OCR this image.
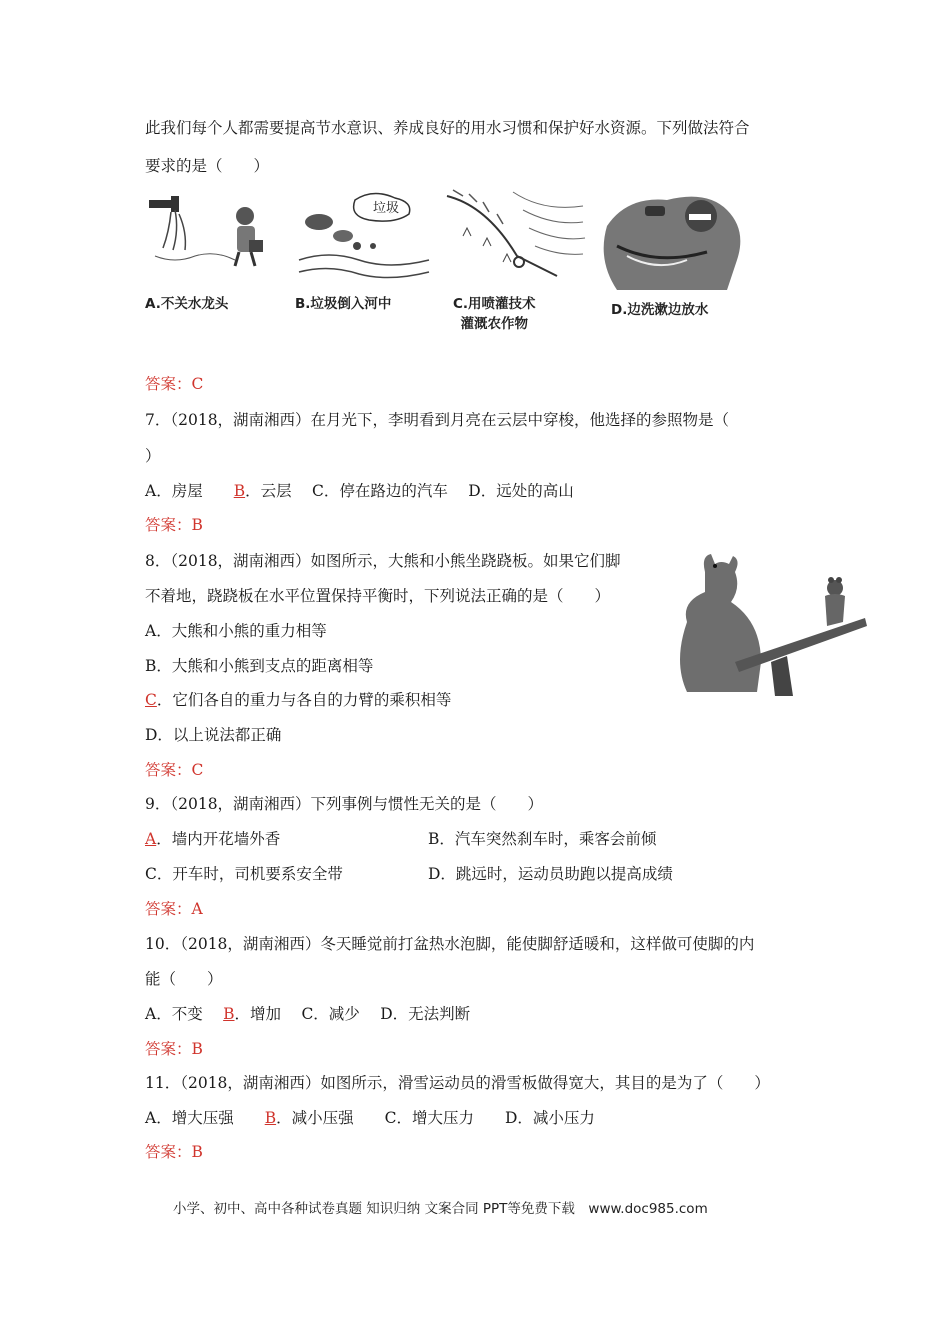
此我们每个人都需要提高节水意识、养成良好的用水习惯和保护好水资源。下列做法符合
要求的是（　　）
垃圾
A.不关水龙头	B.垃圾倒入河中	C.用喷灌技术
灌溉农作物
D.边洗漱边放水
答案：C
7．（2018，湖南湘西）在月光下，李明看到月亮在云层中穿梭，他选择的参照物是（
）
A．房屋　　B．云层　 C．停在路边的汽车　 D．远处的高山
答案：B
8．（2018，湖南湘西）如图所示，大熊和小熊坐跷跷板。如果它们脚
不着地，跷跷板在水平位置保持平衡时，下列说法正确的是（　　）
A．大熊和小熊的重力相等
B．大熊和小熊到支点的距离相等
C．它们各自的重力与各自的力臂的乘积相等
D．以上说法都正确
答案：C
9．（2018，湖南湘西）下列事例与惯性无关的是（　　）
A．墙内开花墙外香	B．汽车突然刹车时，乘客会前倾
C．开车时，司机要系安全带	D．跳远时，运动员助跑以提高成绩
答案：A
10．（2018，湖南湘西）冬天睡觉前打盆热水泡脚，能使脚舒适暖和，这样做可使脚的内
能（　　）
A．不变　 B．增加　 C．减少　 D．无法判断
答案：B
11．（2018，湖南湘西）如图所示，滑雪运动员的滑雪板做得宽大，其目的是为了（　　）
A．增大压强　　B．减小压强　　C．增大压力　　D．减小压力
答案：B
小学、初中、高中各种试卷真题 知识归纳 文案合同 PPT等免费下载　www.doc985.com
